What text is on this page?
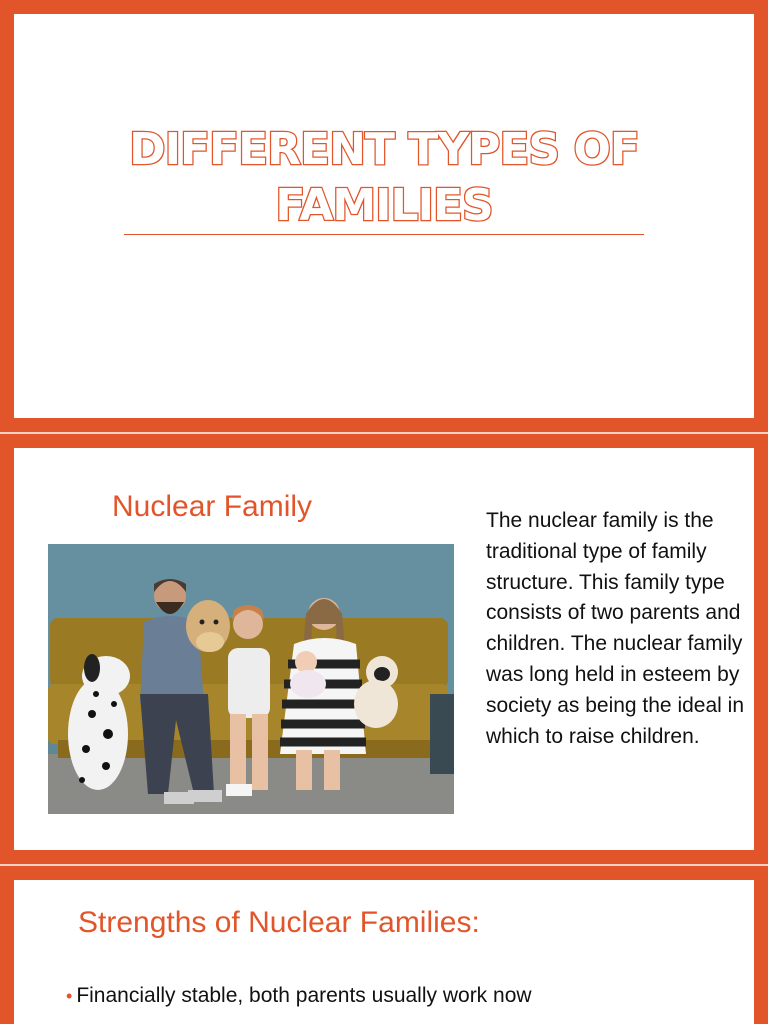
DIFFERENT TYPES OF
FAMILIES
Nuclear Family	The nuclear family is the traditional type of family structure. This family type consists of two parents and children. The nuclear family was long held in esteem by society as being the ideal in which to raise children.
Strengths of Nuclear Families:
• Financially stable, both parents usually work now
